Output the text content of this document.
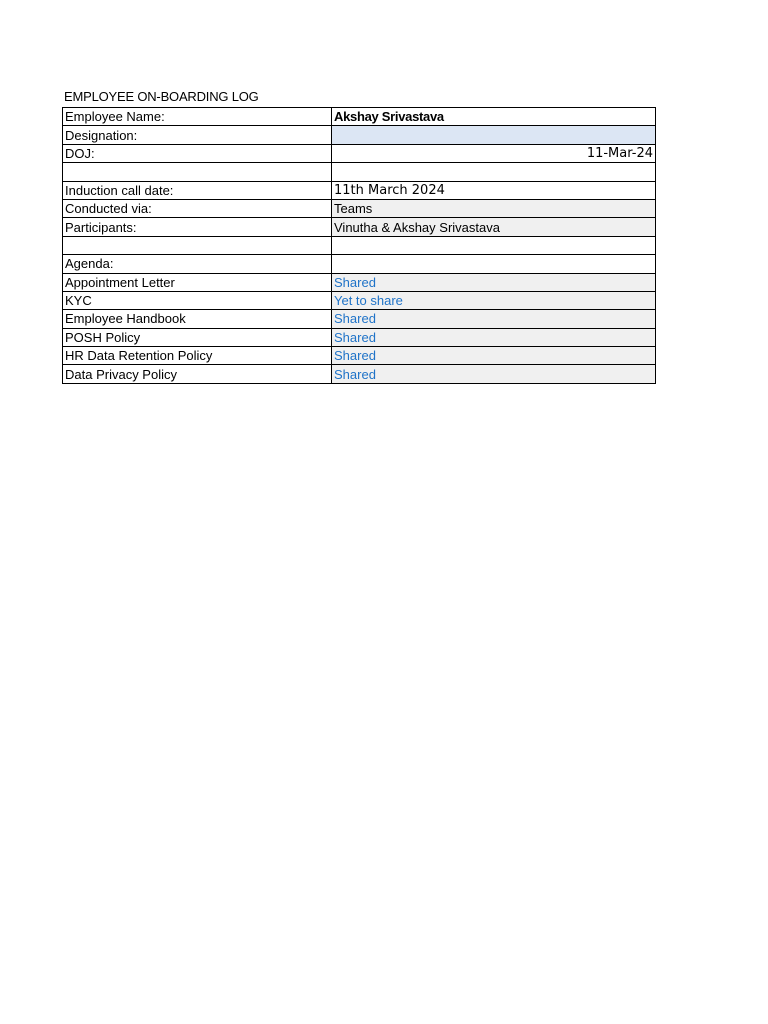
EMPLOYEE ON-BOARDING LOG
Employee Name:	Akshay Srivastava
Designation:	
DOJ:	11-Mar-24

Induction call date:	11th March 2024
Conducted via:	Teams
Participants:	Vinutha & Akshay Srivastava

Agenda:	
Appointment Letter	Shared
KYC	Yet to share
Employee Handbook	Shared
POSH Policy	Shared
HR Data Retention Policy	Shared
Data Privacy Policy	Shared
